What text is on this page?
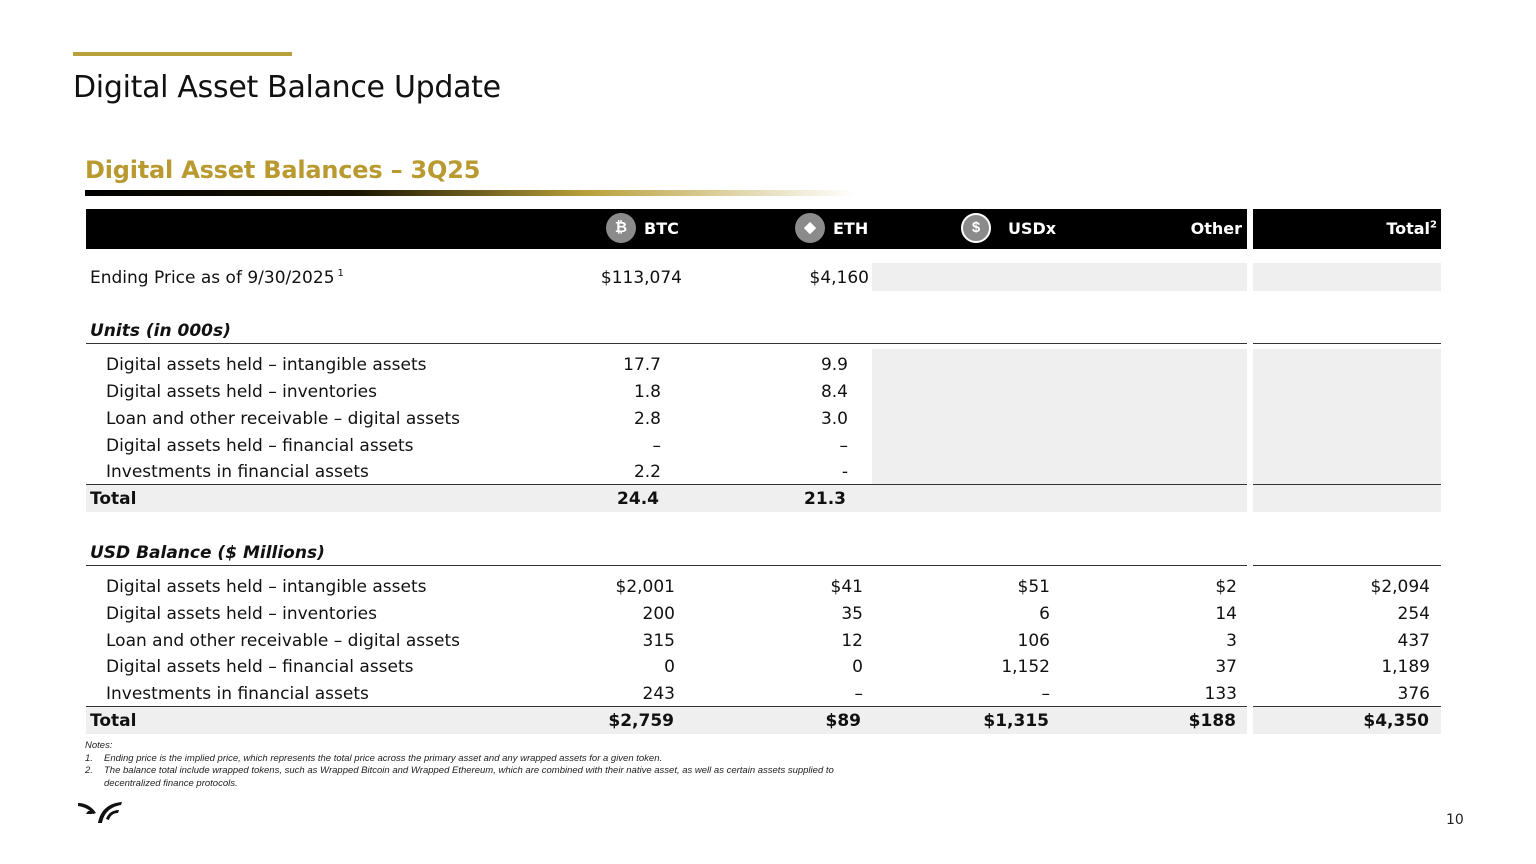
Digital Asset Balance Update
Digital Asset Balances – 3Q25
₿	BTC	◆	ETH	$	USDx	Other	Total$^2$
Ending Price as of 9/30/2025 $^1$	$113,074	$4,160
Units (in 000s)
Digital assets held – intangible assets	17.7	9.9
Digital assets held – inventories	1.8	8.4
Loan and other receivable – digital assets	2.8	3.0
Digital assets held – financial assets	–	–
Investments in financial assets	2.2	-
Total	24.4	21.3
USD Balance ($ Millions)
Digital assets held – intangible assets	$2,001	$41	$51	$2	$2,094
Digital assets held – inventories	200	35	6	14	254
Loan and other receivable – digital assets	315	12	106	3	437
Digital assets held – financial assets	0	0	1,152	37	1,189
Investments in financial assets	243	–	–	133	376
Total	$2,759	$89	$1,315	$188	$4,350
Notes:
1. Ending price is the implied price, which represents the total price across the primary asset and any wrapped assets for a given token.
2. The balance total include wrapped tokens, such as Wrapped Bitcoin and Wrapped Ethereum, which are combined with their native asset, as well as certain assets supplied to
decentralized finance protocols.
10
